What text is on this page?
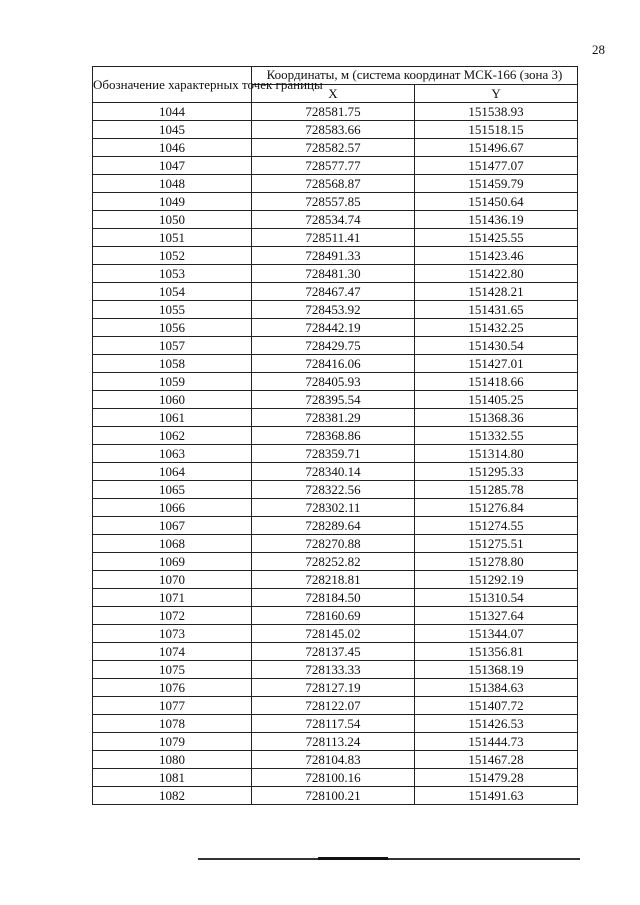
28
Обозначение характерных точек границы	Координаты, м (система координат МСК-166 (зона 3)	
	X	Y
1044	728581.75	151538.93
1045	728583.66	151518.15
1046	728582.57	151496.67
1047	728577.77	151477.07
1048	728568.87	151459.79
1049	728557.85	151450.64
1050	728534.74	151436.19
1051	728511.41	151425.55
1052	728491.33	151423.46
1053	728481.30	151422.80
1054	728467.47	151428.21
1055	728453.92	151431.65
1056	728442.19	151432.25
1057	728429.75	151430.54
1058	728416.06	151427.01
1059	728405.93	151418.66
1060	728395.54	151405.25
1061	728381.29	151368.36
1062	728368.86	151332.55
1063	728359.71	151314.80
1064	728340.14	151295.33
1065	728322.56	151285.78
1066	728302.11	151276.84
1067	728289.64	151274.55
1068	728270.88	151275.51
1069	728252.82	151278.80
1070	728218.81	151292.19
1071	728184.50	151310.54
1072	728160.69	151327.64
1073	728145.02	151344.07
1074	728137.45	151356.81
1075	728133.33	151368.19
1076	728127.19	151384.63
1077	728122.07	151407.72
1078	728117.54	151426.53
1079	728113.24	151444.73
1080	728104.83	151467.28
1081	728100.16	151479.28
1082	728100.21	151491.63
